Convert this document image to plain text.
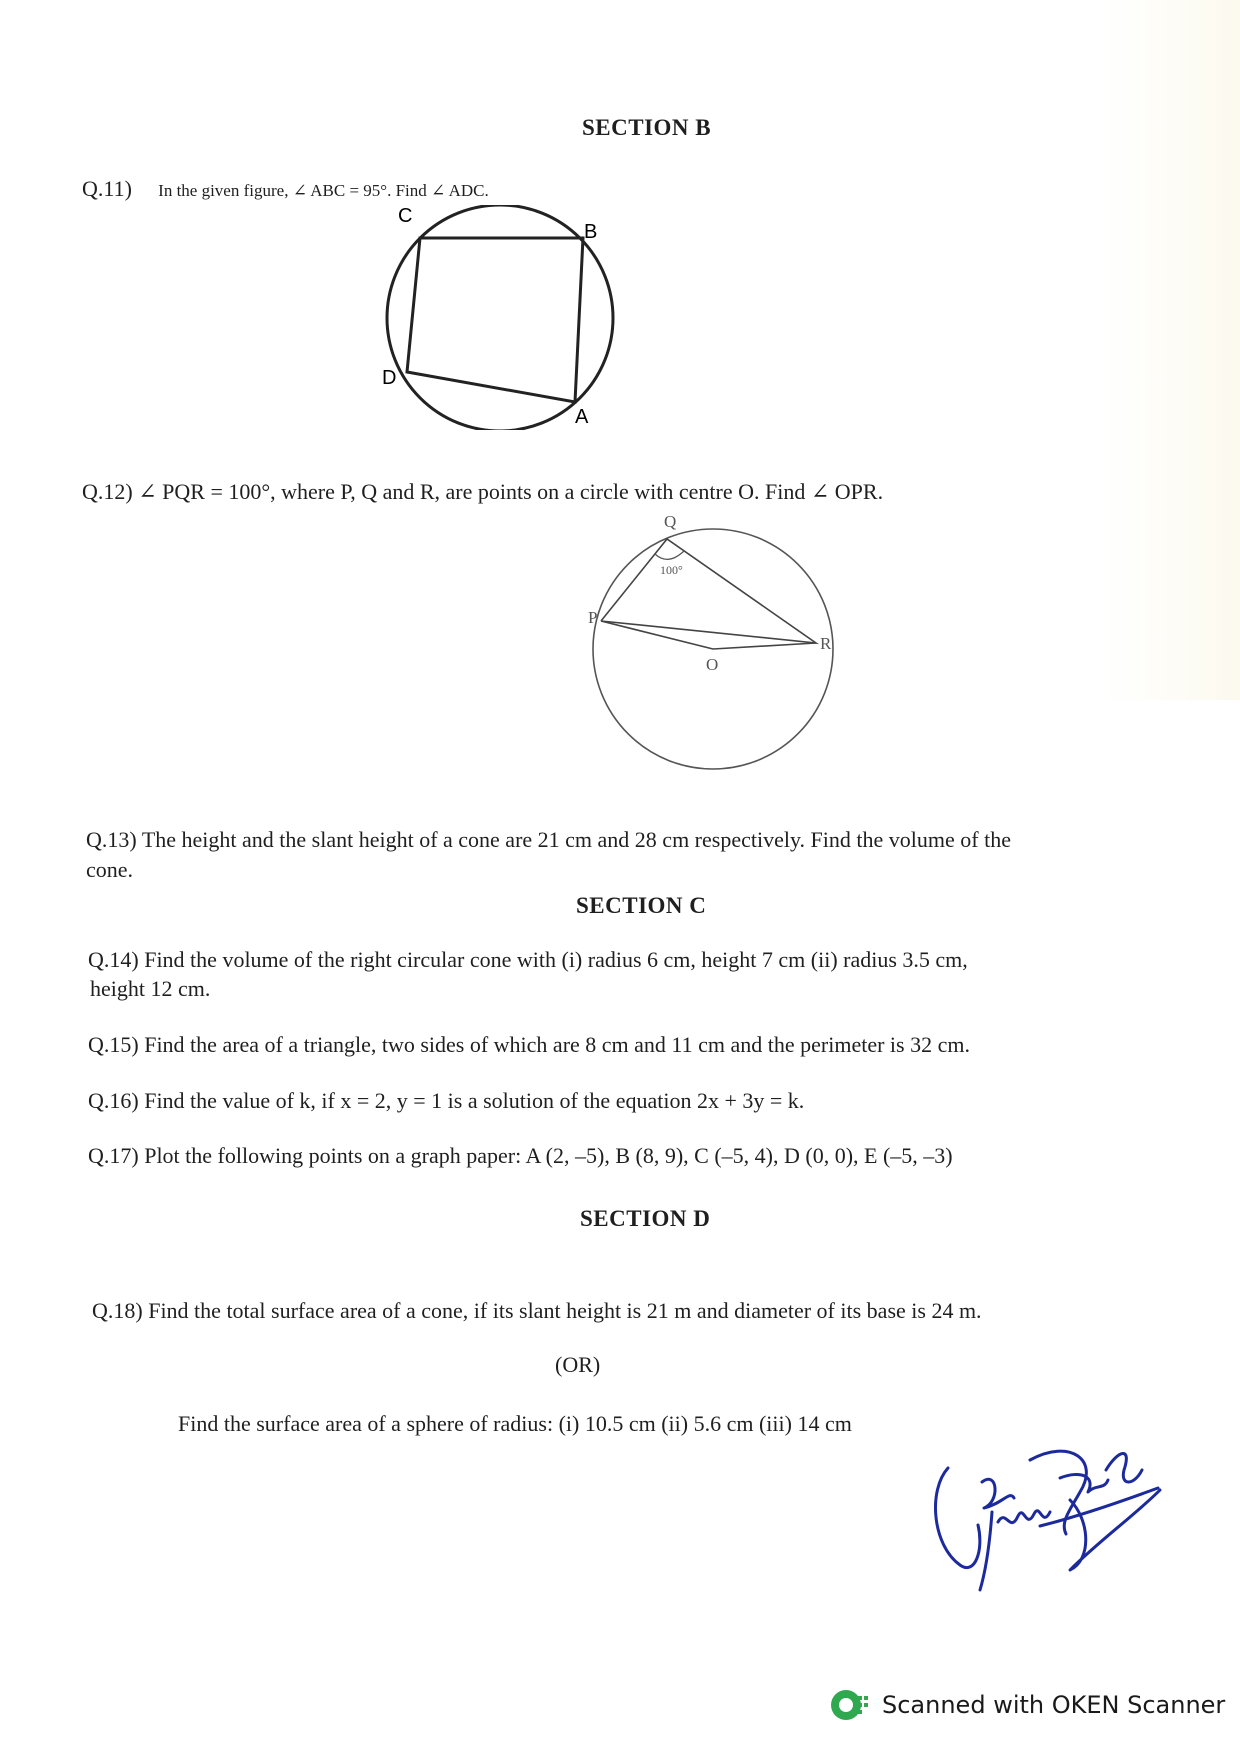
SECTION B
Q.11) In the given figure, ∠ ABC = 95°. Find ∠ ADC.
C
B
D
A
Q.12) ∠ PQR = 100°, where P, Q and R, are points on a circle with centre O. Find ∠ OPR.
Q
P
R
O
100°
Q.13) The height and the slant height of a cone are 21 cm and 28 cm respectively. Find the volume of the
cone.
SECTION C
Q.14) Find the volume of the right circular cone with (i) radius 6 cm, height 7 cm (ii) radius 3.5 cm,
height 12 cm.
Q.15) Find the area of a triangle, two sides of which are 8 cm and 11 cm and the perimeter is 32 cm.
Q.16) Find the value of k, if x = 2, y = 1 is a solution of the equation 2x + 3y = k.
Q.17) Plot the following points on a graph paper: A (2, –5), B (8, 9), C (–5, 4), D (0, 0), E (–5, –3)
SECTION D
Q.18) Find the total surface area of a cone, if its slant height is 21 m and diameter of its base is 24 m.
(OR)
Find the surface area of a sphere of radius: (i) 10.5 cm (ii) 5.6 cm (iii) 14 cm
Scanned with OKEN Scanner
